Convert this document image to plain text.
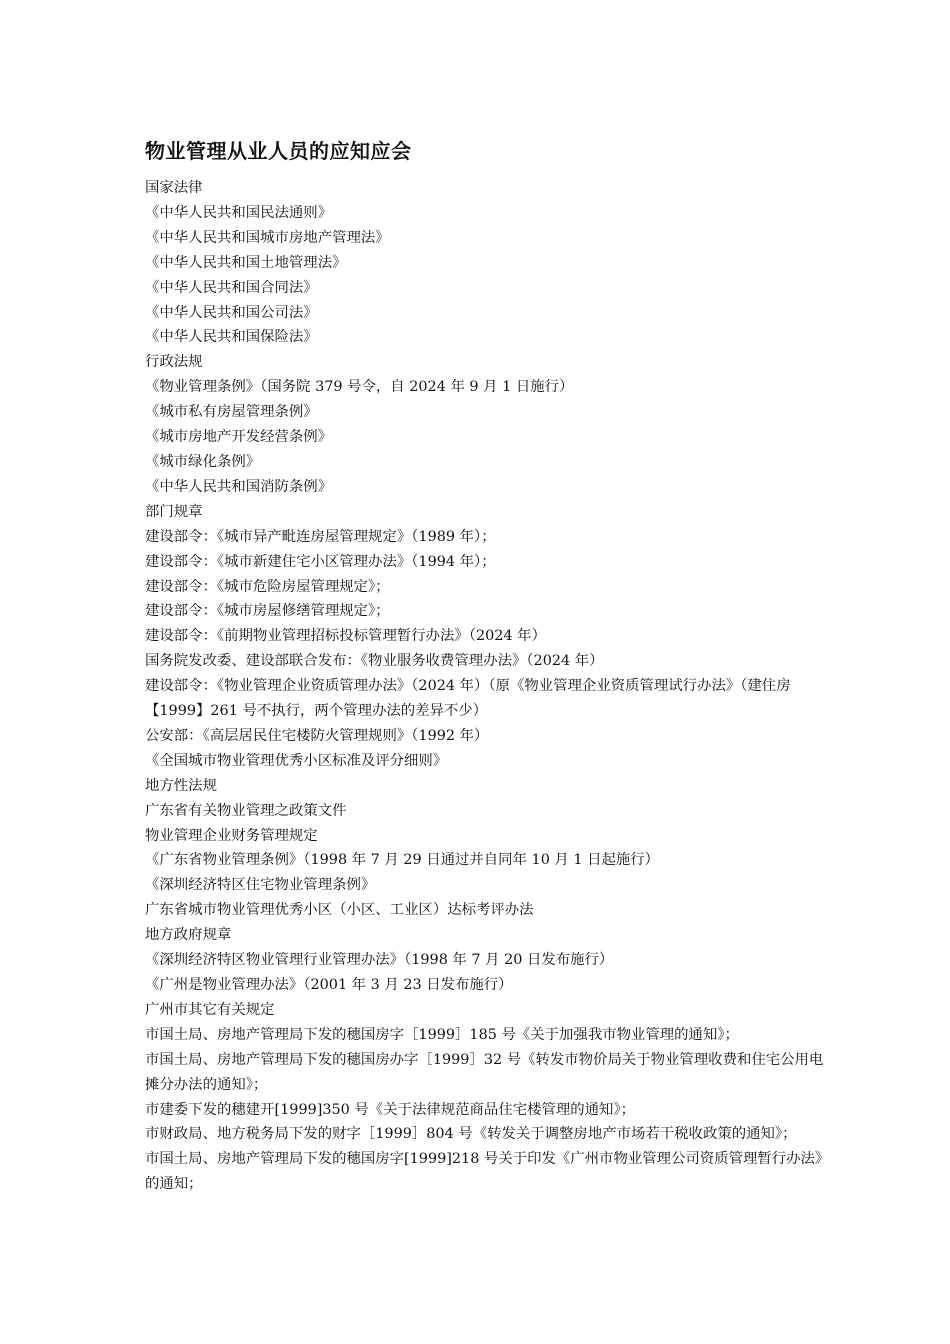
物业管理从业人员的应知应会

国家法律

《中华人民共和国民法通则》

《中华人民共和国城市房地产管理法》

《中华人民共和国土地管理法》

《中华人民共和国合同法》

《中华人民共和国公司法》

《中华人民共和国保险法》

行政法规

《物业管理条例》（国务院 379 号令，自 2024 年 9 月 1 日施行）

《城市私有房屋管理条例》

《城市房地产开发经营条例》

《城市绿化条例》

《中华人民共和国消防条例》

部门规章

建设部令：《城市异产毗连房屋管理规定》（1989 年）；

建设部令：《城市新建住宅小区管理办法》（1994 年）；

建设部令：《城市危险房屋管理规定》；

建设部令：《城市房屋修缮管理规定》；

建设部令：《前期物业管理招标投标管理暂行办法》（2024 年）

国务院发改委、建设部联合发布：《物业服务收费管理办法》（2024 年）

建设部令：《物业管理企业资质管理办法》（2024 年）（原《物业管理企业资质管理试行办法》（建住房【1999】261 号不执行，两个管理办法的差异不少）

公安部：《高层居民住宅楼防火管理规则》（1992 年）

《全国城市物业管理优秀小区标准及评分细则》

地方性法规

广东省有关物业管理之政策文件

物业管理企业财务管理规定

《广东省物业管理条例》（1998 年 7 月 29 日通过并自同年 10 月 1 日起施行）

《深圳经济特区住宅物业管理条例》

广东省城市物业管理优秀小区（小区、工业区）达标考评办法

地方政府规章

《深圳经济特区物业管理行业管理办法》（1998 年 7 月 20 日发布施行）

《广州是物业管理办法》（2001 年 3 月 23 日发布施行）

广州市其它有关规定

市国土局、房地产管理局下发的穗国房字［1999］185 号《关于加强我市物业管理的通知》；

市国土局、房地产管理局下发的穗国房办字［1999］32 号《转发市物价局关于物业管理收费和住宅公用电摊分办法的通知》；

市建委下发的穗建开[1999]350 号《关于法律规范商品住宅楼管理的通知》；

市财政局、地方税务局下发的财字［1999］804 号《转发关于调整房地产市场若干税收政策的通知》；

市国土局、房地产管理局下发的穗国房字[1999]218 号关于印发《广州市物业管理公司资质管理暂行办法》的通知；
